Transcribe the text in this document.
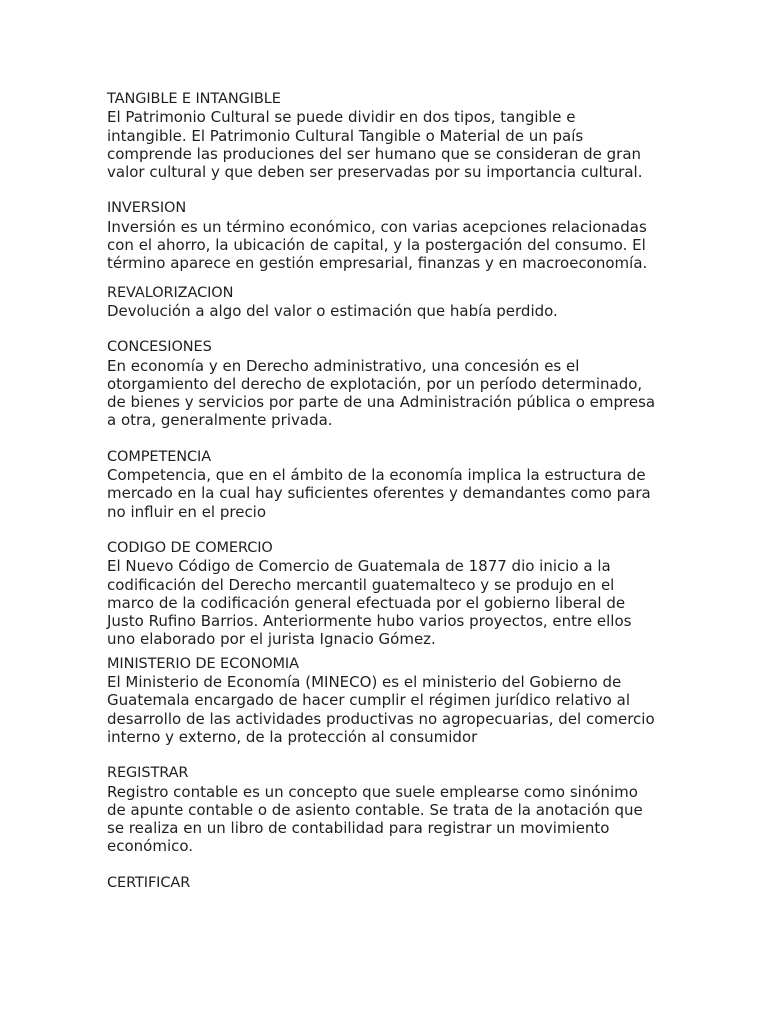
TANGIBLE E INTANGIBLE
El Patrimonio Cultural se puede dividir en dos tipos, tangible e
intangible. El Patrimonio Cultural Tangible o Material de un país
comprende las produciones del ser humano que se consideran de gran
valor cultural y que deben ser preservadas por su importancia cultural.
INVERSION
Inversión es un término económico, con varias acepciones relacionadas
con el ahorro, la ubicación de capital, y la postergación del consumo. El
término aparece en gestión empresarial, finanzas y en macroeconomía.
REVALORIZACION
Devolución a algo del valor o estimación que había perdido.
CONCESIONES
En economía y en Derecho administrativo, una concesión es el
otorgamiento del derecho de explotación, por un período determinado,
de bienes y servicios por parte de una Administración pública o empresa
a otra, generalmente privada.
COMPETENCIA
Competencia, que en el ámbito de la economía implica la estructura de
mercado en la cual hay suficientes oferentes y demandantes como para
no influir en el precio
CODIGO DE COMERCIO
El Nuevo Código de Comercio de Guatemala de 1877 dio inicio a la
codificación del Derecho mercantil guatemalteco y se produjo en el
marco de la codificación general efectuada por el gobierno liberal de
Justo Rufino Barrios. Anteriormente hubo varios proyectos, entre ellos
uno elaborado por el jurista Ignacio Gómez.
MINISTERIO DE ECONOMIA
El Ministerio de Economía (MINECO) es el ministerio del Gobierno de
Guatemala encargado de hacer cumplir el régimen jurídico relativo al
desarrollo de las actividades productivas no agropecuarias, del comercio
interno y externo, de la protección al consumidor
REGISTRAR
Registro contable es un concepto que suele emplearse como sinónimo
de apunte contable o de asiento contable. Se trata de la anotación que
se realiza en un libro de contabilidad para registrar un movimiento
económico.
CERTIFICAR
